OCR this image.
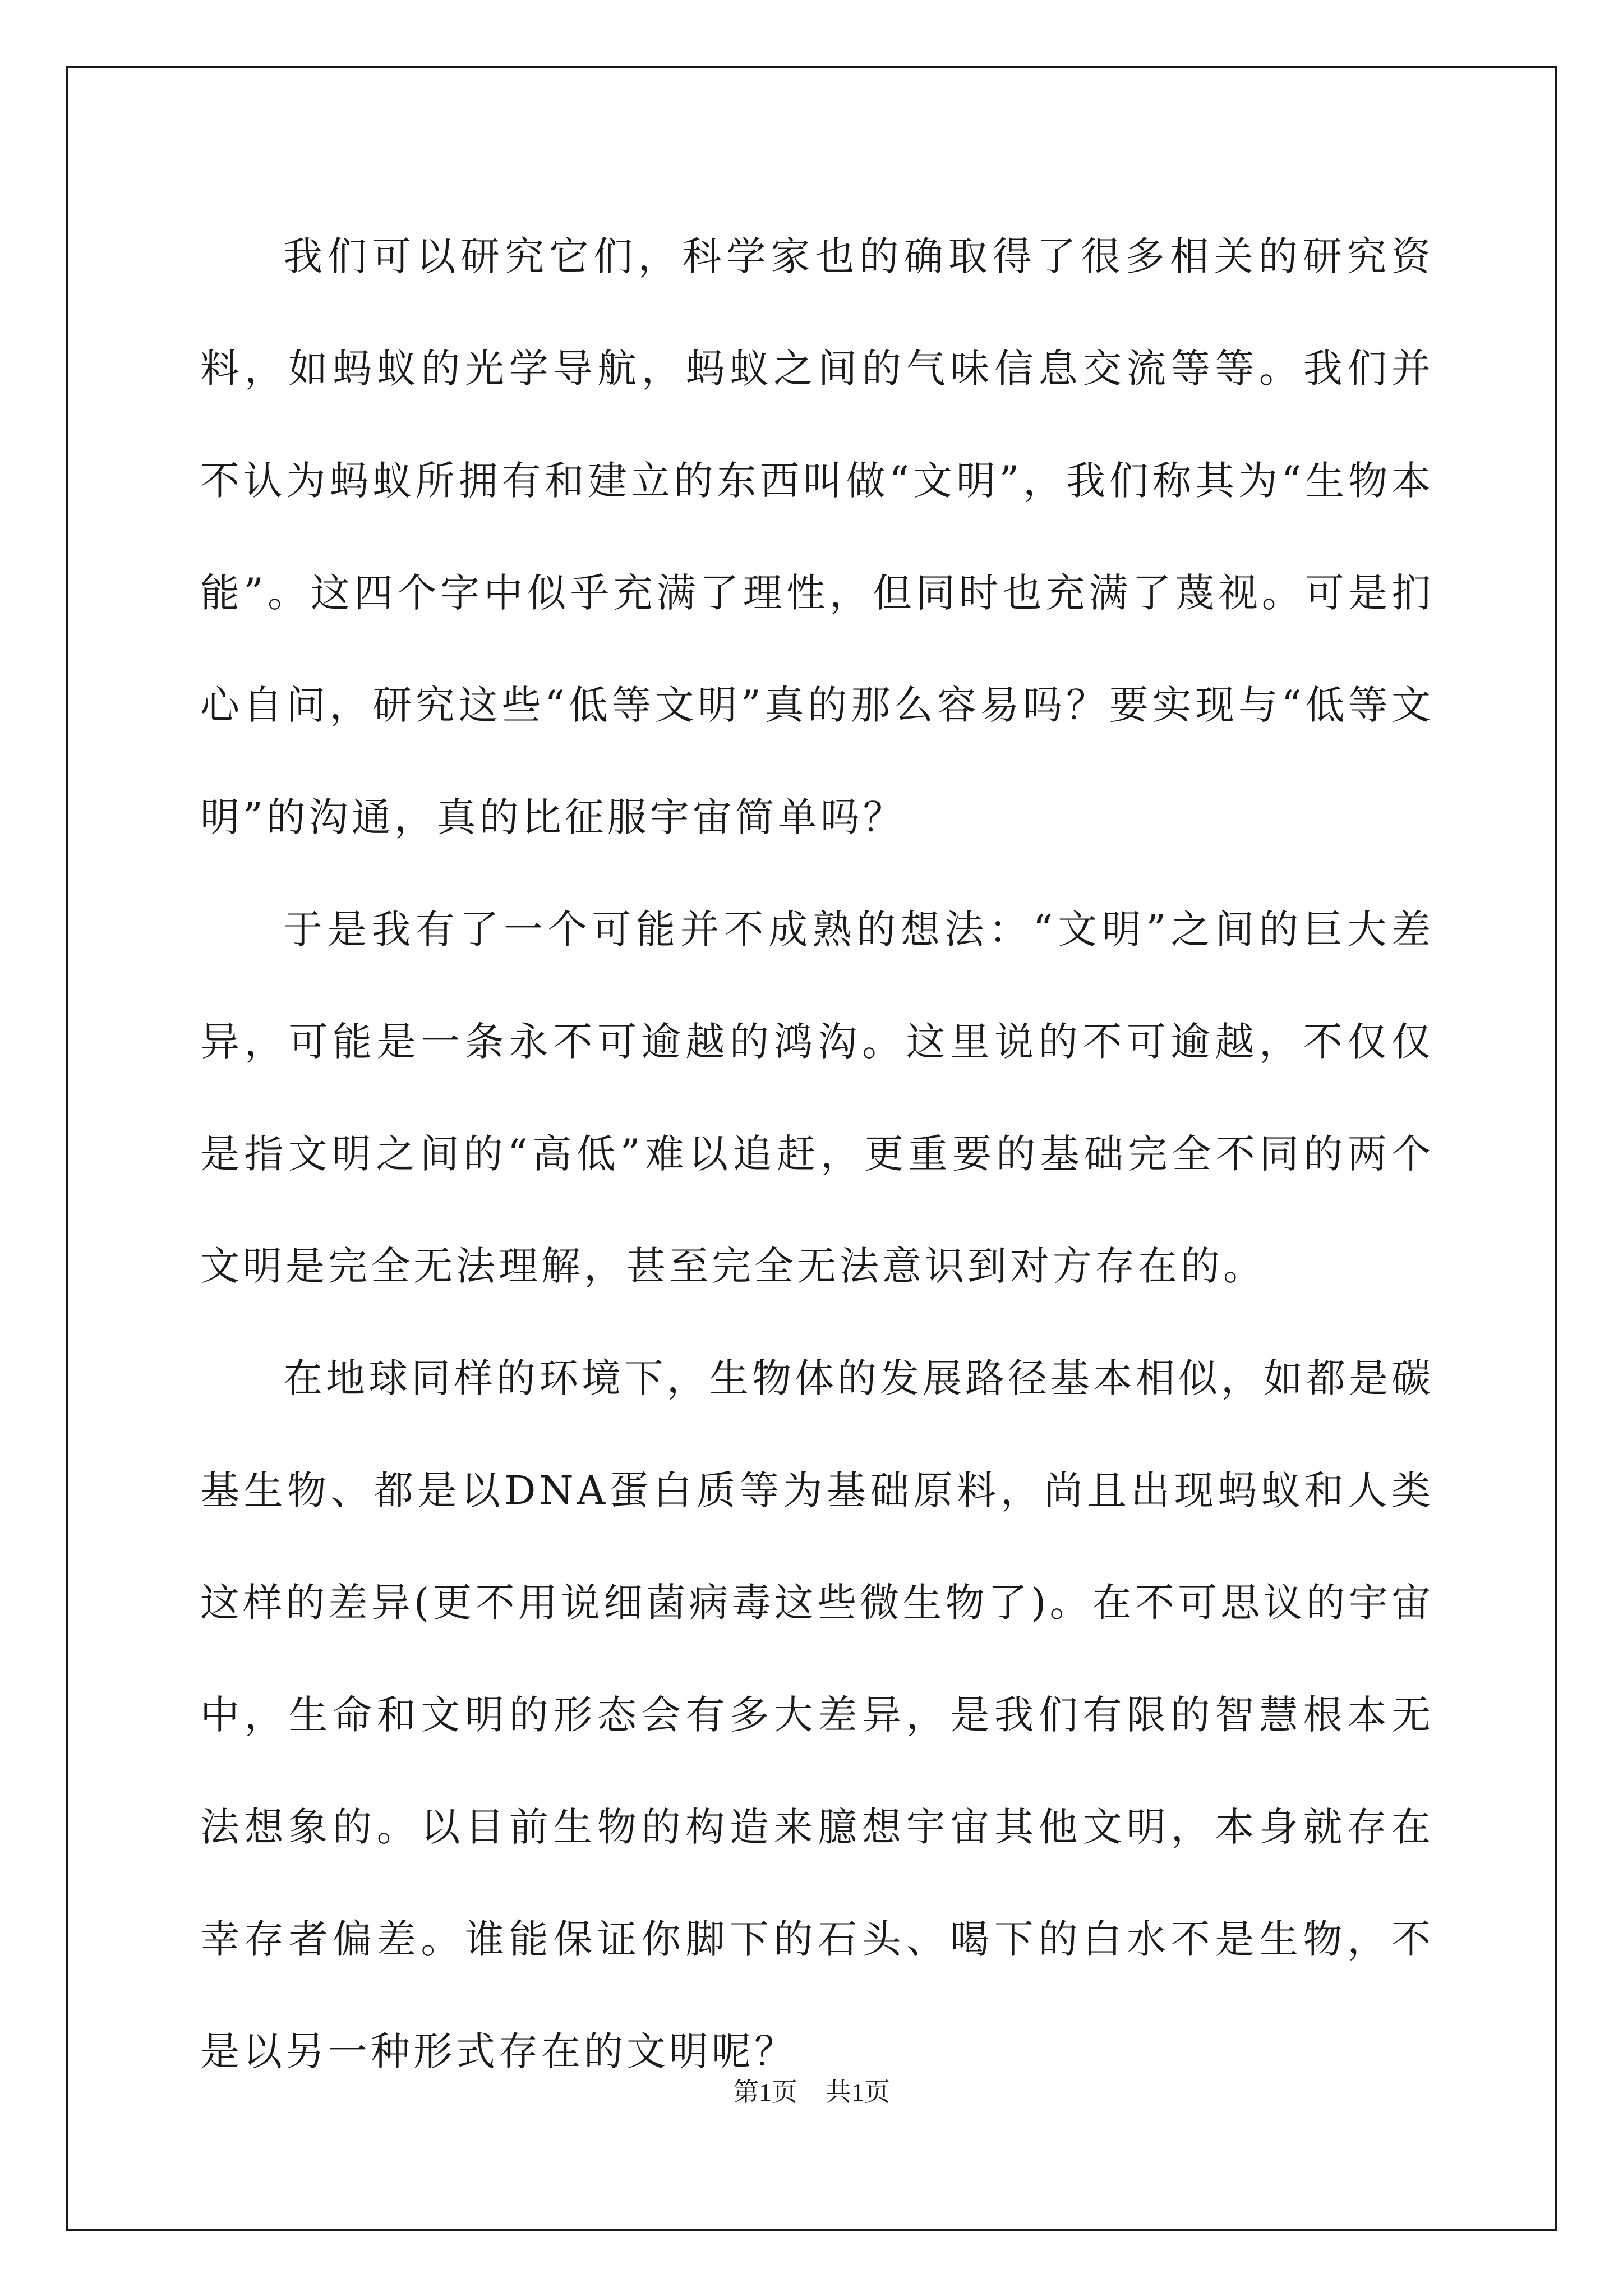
我们可以研究它们，科学家也的确取得了很多相关的研究资料，如蚂蚁的光学导航，蚂蚁之间的气味信息交流等等。我们并不认为蚂蚁所拥有和建立的东西叫做“文明”，我们称其为“生物本能”。这四个字中似乎充满了理性，但同时也充满了蔑视。可是扪心自问，研究这些“低等文明”真的那么容易吗？要实现与“低等文明”的沟通，真的比征服宇宙简单吗？

于是我有了一个可能并不成熟的想法：“文明”之间的巨大差异，可能是一条永不可逾越的鸿沟。这里说的不可逾越，不仅仅是指文明之间的“高低”难以追赶，更重要的基础完全不同的两个文明是完全无法理解，甚至完全无法意识到对方存在的。

在地球同样的环境下，生物体的发展路径基本相似，如都是碳基生物、都是以DNA蛋白质等为基础原料，尚且出现蚂蚁和人类这样的差异(更不用说细菌病毒这些微生物了)。在不可思议的宇宙中，生命和文明的形态会有多大差异，是我们有限的智慧根本无法想象的。以目前生物的构造来臆想宇宙其他文明，本身就存在幸存者偏差。谁能保证你脚下的石头、喝下的白水不是生物，不是以另一种形式存在的文明呢？

第1页 共1页
